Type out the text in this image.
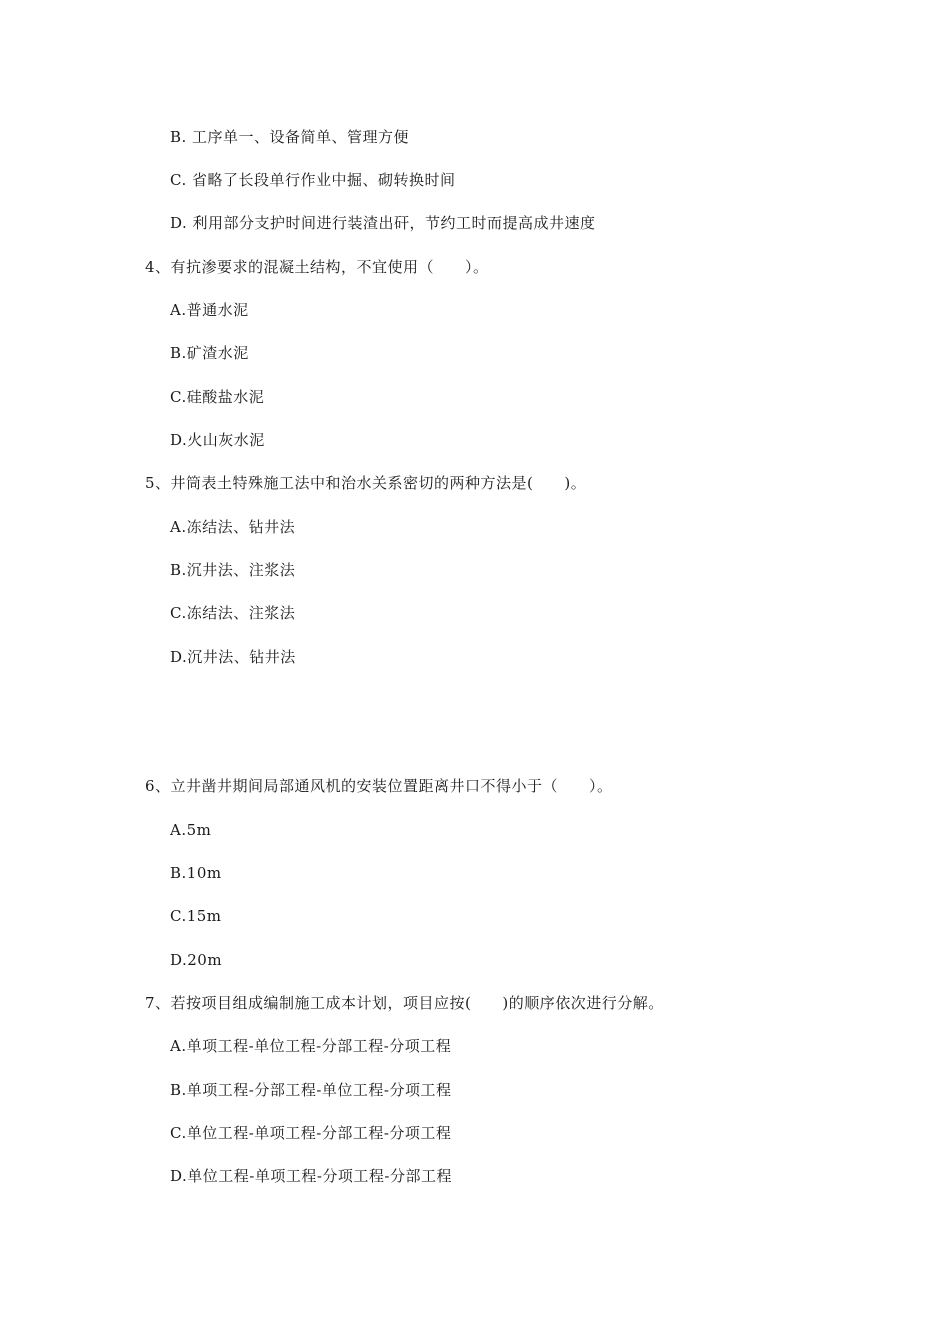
B. 工序单一、设备简单、管理方便
C. 省略了长段单行作业中掘、砌转换时间
D. 利用部分支护时间进行装渣出矸，节约工时而提高成井速度
4、有抗渗要求的混凝土结构，不宜使用（　　）。
A.普通水泥
B.矿渣水泥
C.硅酸盐水泥
D.火山灰水泥
5、井筒表土特殊施工法中和治水关系密切的两种方法是(　　)。
A.冻结法、钻井法
B.沉井法、注浆法
C.冻结法、注浆法
D.沉井法、钻井法
6、立井凿井期间局部通风机的安装位置距离井口不得小于（　　）。
A.5m
B.10m
C.15m
D.20m
7、若按项目组成编制施工成本计划，项目应按(　　)的顺序依次进行分解。
A.单项工程-单位工程-分部工程-分项工程
B.单项工程-分部工程-单位工程-分项工程
C.单位工程-单项工程-分部工程-分项工程
D.单位工程-单项工程-分项工程-分部工程
